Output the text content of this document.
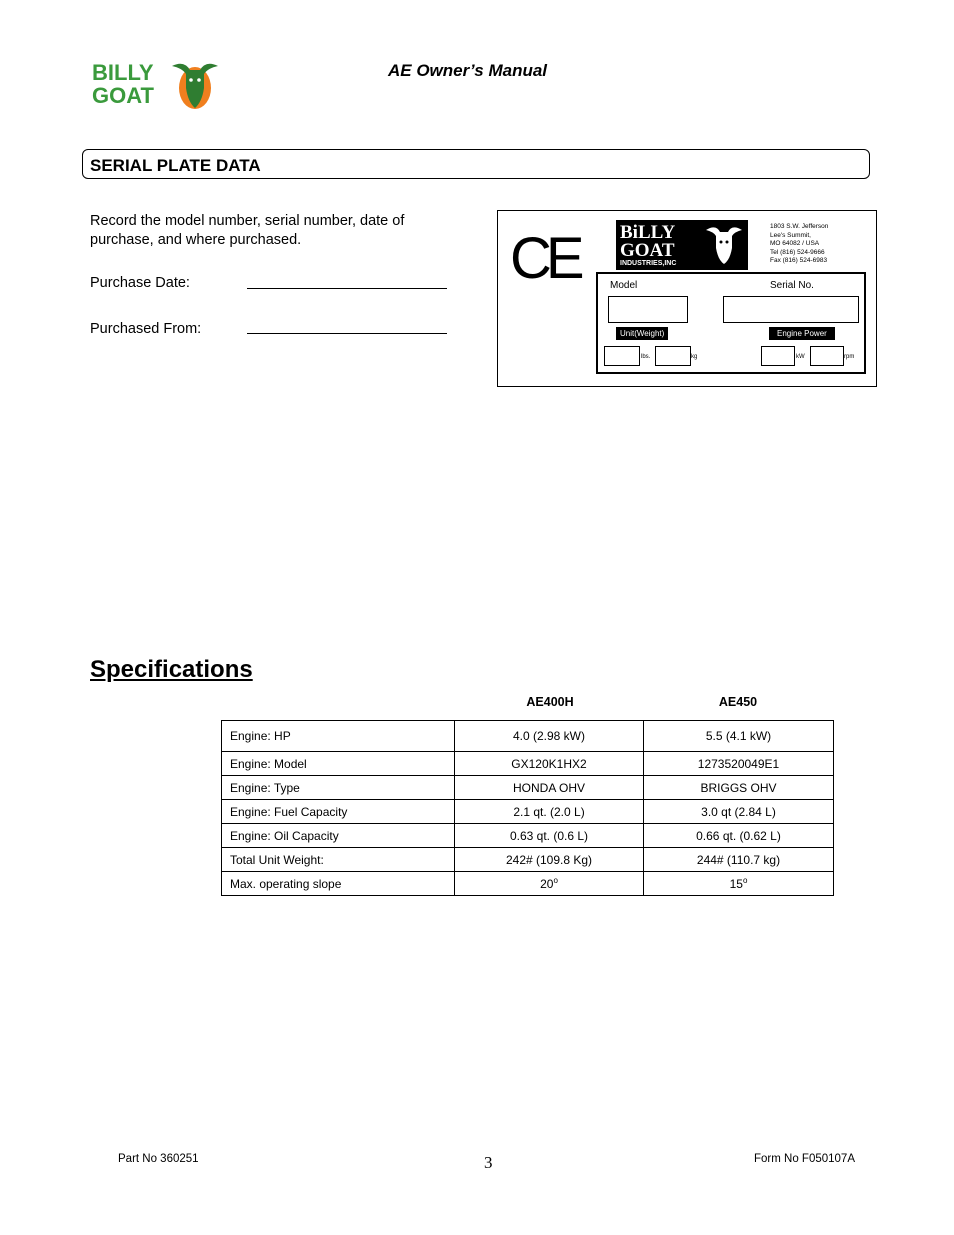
BILLY
GOAT
AE Owner’s Manual
SERIAL PLATE DATA
Record the model number, serial number, date of purchase, and where purchased.
Purchase Date:
Purchased From:
CE BiLLY
GOAT
INDUSTRIES,INC
1803 S.W. Jefferson
Lee's Summit,
MO 64082 / USA
Tel (816) 524-9666
Fax (816) 524-6983
Model	Serial No.
Unit(Weight)	Engine Power
lbs.	kg	kW	rpm
Specifications
AE400H	AE450
Engine: HP	4.0 (2.98 kW)	5.5 (4.1 kW)
Engine: Model	GX120K1HX2	1273520049E1
Engine: Type	HONDA OHV	BRIGGS OHV
Engine: Fuel Capacity	2.1 qt. (2.0 L)	3.0 qt (2.84 L)
Engine: Oil Capacity	0.63 qt. (0.6 L)	0.66 qt. (0.62 L)
Total Unit Weight:	242# (109.8 Kg)	244# (110.7 kg)
Max. operating slope	20$^o$	15$^o$
Part No 360251	3	Form No F050107A
